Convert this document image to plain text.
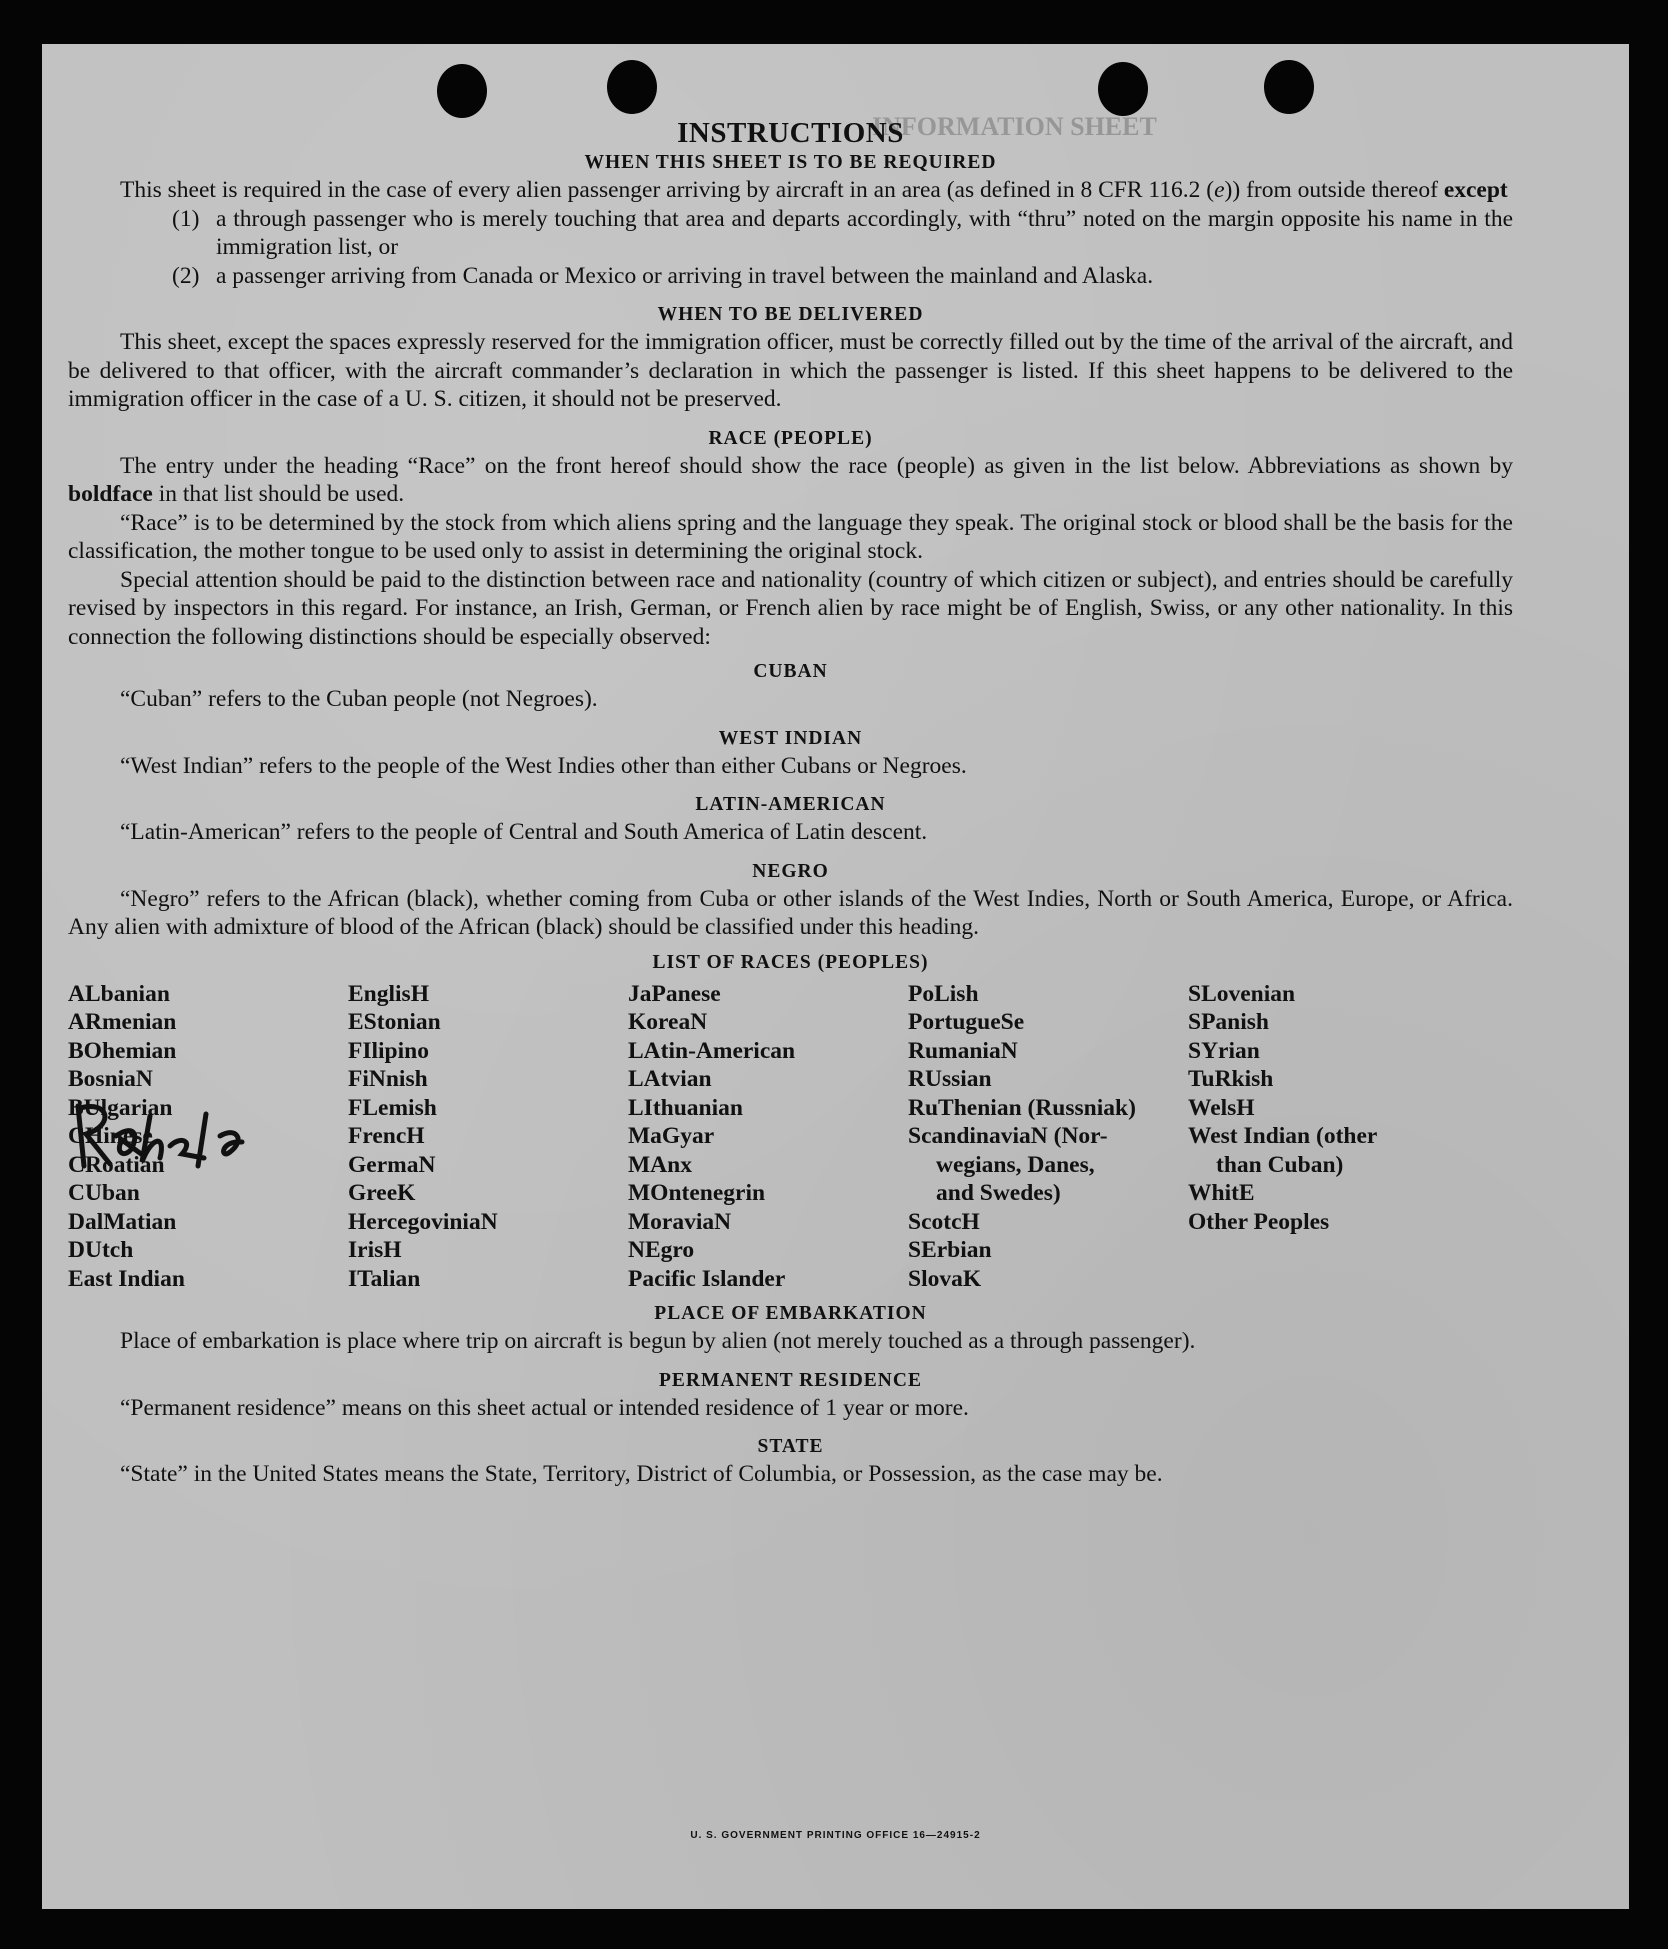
INFORMATION SHEET
INSTRUCTIONS
WHEN THIS SHEET IS TO BE REQUIRED

This sheet is required in the case of every alien passenger arriving by aircraft in an area (as defined in 8 CFR 116.2 (e)) from outside thereof except

(1) a through passenger who is merely touching that area and departs accordingly, with “thru” noted on the margin opposite his name in the immigration list, or
(2) a passenger arriving from Canada or Mexico or arriving in travel between the mainland and Alaska.
WHEN TO BE DELIVERED

This sheet, except the spaces expressly reserved for the immigration officer, must be correctly filled out by the time of the arrival of the aircraft, and be delivered to that officer, with the aircraft commander’s declaration in which the passenger is listed. If this sheet happens to be delivered to the immigration officer in the case of a U. S. citizen, it should not be preserved.

RACE (PEOPLE)

The entry under the heading “Race” on the front hereof should show the race (people) as given in the list below. Abbreviations as shown by boldface in that list should be used.

“Race” is to be determined by the stock from which aliens spring and the language they speak. The original stock or blood shall be the basis for the classification, the mother tongue to be used only to assist in determining the original stock.

Special attention should be paid to the distinction between race and nationality (country of which citizen or subject), and entries should be carefully revised by inspectors in this regard. For instance, an Irish, German, or French alien by race might be of English, Swiss, or any other nationality. In this connection the following distinctions should be especially observed:

CUBAN

“Cuban” refers to the Cuban people (not Negroes).

WEST INDIAN

“West Indian” refers to the people of the West Indies other than either Cubans or Negroes.

LATIN-AMERICAN

“Latin-American” refers to the people of Central and South America of Latin descent.

NEGRO

“Negro” refers to the African (black), whether coming from Cuba or other islands of the West Indies, North or South America, Europe, or Africa. Any alien with admixture of blood of the African (black) should be classified under this heading.

LIST OF RACES (PEOPLES)
ALbanian
ARmenian
BOhemian
BosniaN
BUlgarian
CHinese
CRoatian
CUban
DalMatian
DUtch
East Indian
EnglisH
EStonian
FIlipino
FiNnish
FLemish
FrencH
GermaN
GreeK
HercegoviniaN
IrisH
ITalian
JaPanese
KoreaN
LAtin-American
LAtvian
LIthuanian
MaGyar
MAnx
MOntenegrin
MoraviaN
NEgro
Pacific Islander
PoLish
PortugueSe
RumaniaN
RUssian
RuThenian (Russniak)
ScandinaviaN (Nor-
wegians, Danes,
and Swedes)
ScotcH
SErbian
SlovaK
SLovenian
SPanish
SYrian
TuRkish
WelsH
West Indian (other
than Cuban)
WhitE
Other Peoples
PLACE OF EMBARKATION

Place of embarkation is place where trip on aircraft is begun by alien (not merely touched as a through passenger).

PERMANENT RESIDENCE

“Permanent residence” means on this sheet actual or intended residence of 1 year or more.

STATE

“State” in the United States means the State, Territory, District of Columbia, or Possession, as the case may be.

U. S. GOVERNMENT PRINTING OFFICE 16—24915-2
